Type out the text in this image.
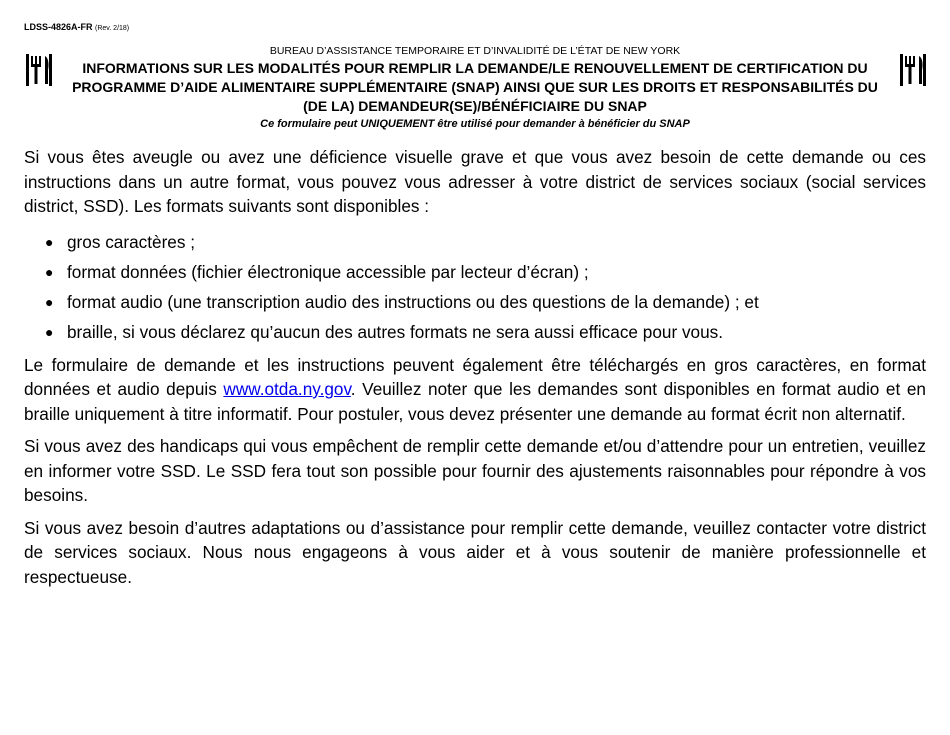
LDSS-4826A-FR (Rev. 2/18)
BUREAU D’ASSISTANCE TEMPORAIRE ET D’INVALIDITÉ DE L’ÉTAT DE NEW YORK
INFORMATIONS SUR LES MODALITÉS POUR REMPLIR LA DEMANDE/LE RENOUVELLEMENT DE CERTIFICATION DU PROGRAMME D’AIDE ALIMENTAIRE SUPPLÉMENTAIRE (SNAP) AINSI QUE SUR LES DROITS ET RESPONSABILITÉS DU (DE LA) DEMANDEUR(SE)/BÉNÉFICIAIRE DU SNAP
Ce formulaire peut UNIQUEMENT être utilisé pour demander à bénéficier du SNAP

Si vous êtes aveugle ou avez une déficience visuelle grave et que vous avez besoin de cette demande ou ces instructions dans un autre format, vous pouvez vous adresser à votre district de services sociaux (social services district, SSD). Les formats suivants sont disponibles :

● gros caractères ;
● format données (fichier électronique accessible par lecteur d’écran) ;
● format audio (une transcription audio des instructions ou des questions de la demande) ; et
● braille, si vous déclarez qu’aucun des autres formats ne sera aussi efficace pour vous.

Le formulaire de demande et les instructions peuvent également être téléchargés en gros caractères, en format données et audio depuis www.otda.ny.gov. Veuillez noter que les demandes sont disponibles en format audio et en braille uniquement à titre informatif. Pour postuler, vous devez présenter une demande au format écrit non alternatif.

Si vous avez des handicaps qui vous empêchent de remplir cette demande et/ou d’attendre pour un entretien, veuillez en informer votre SSD. Le SSD fera tout son possible pour fournir des ajustements raisonnables pour répondre à vos besoins.

Si vous avez besoin d’autres adaptations ou d’assistance pour remplir cette demande, veuillez contacter votre district de services sociaux. Nous nous engageons à vous aider et à vous soutenir de manière professionnelle et respectueuse.
